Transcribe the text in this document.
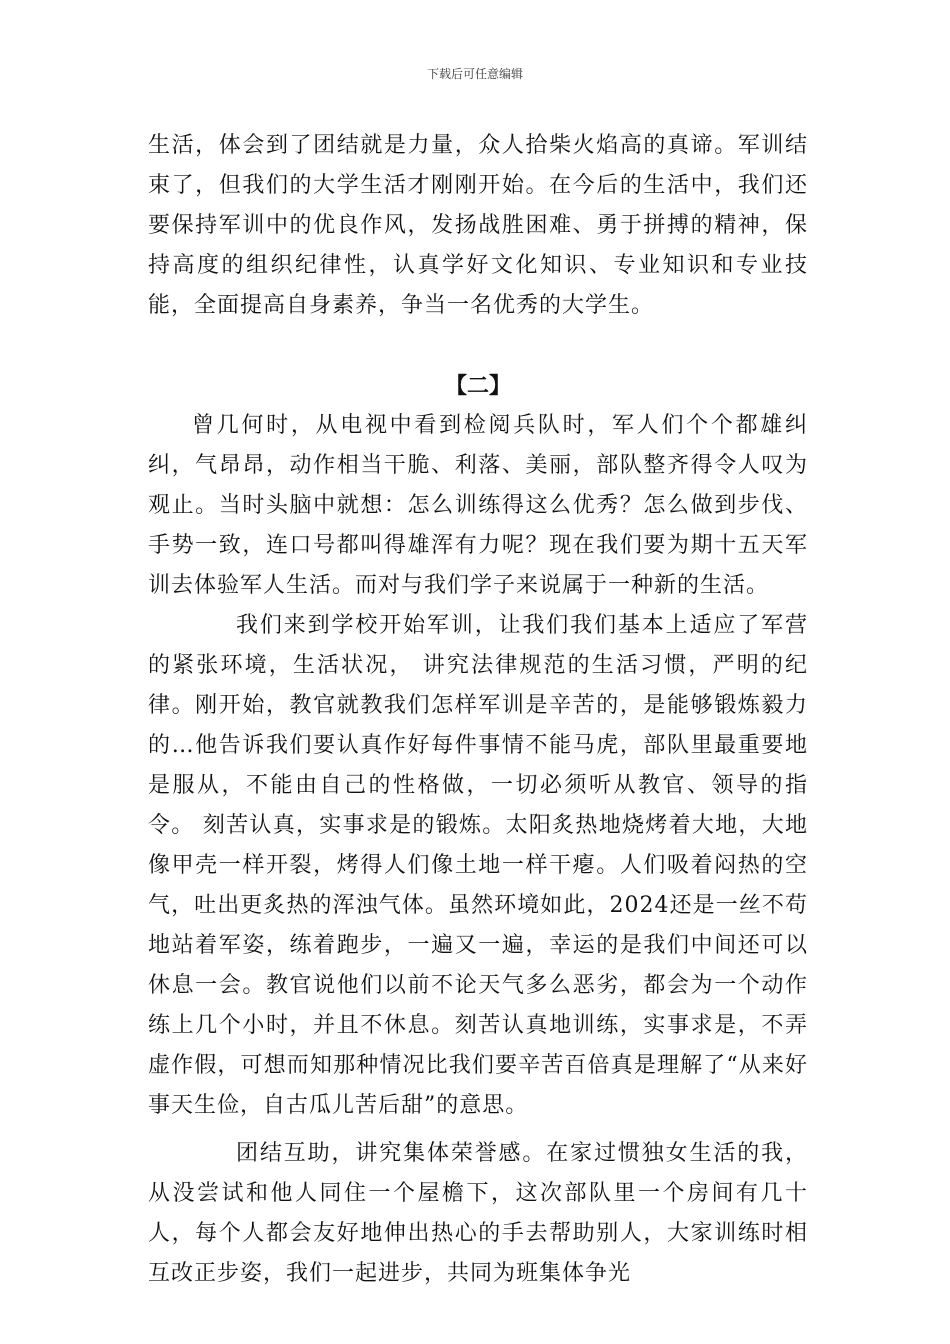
下载后可任意编辑

生活，体会到了团结就是力量，众人拾柴火焰高的真谛。军训结束了，但我们的大学生活才刚刚开始。在今后的生活中，我们还要保持军训中的优良作风，发扬战胜困难、勇于拼搏的精神，保持高度的组织纪律性，认真学好文化知识、专业知识和专业技能，全面提高自身素养，争当一名优秀的大学生。

【二】

曾几何时，从电视中看到检阅兵队时，军人们个个都雄纠纠，气昂昂，动作相当干脆、利落、美丽，部队整齐得令人叹为观止。当时头脑中就想：怎么训练得这么优秀？怎么做到步伐、手势一致，连口号都叫得雄浑有力呢？现在我们要为期十五天军训去体验军人生活。而对与我们学子来说属于一种新的生活。

我们来到学校开始军训，让我们我们基本上适应了军营的紧张环境，生活状况， 讲究法律规范的生活习惯，严明的纪律。刚开始，教官就教我们怎样军训是辛苦的，是能够锻炼毅力的…他告诉我们要认真作好每件事情不能马虎，部队里最重要地是服从，不能由自己的性格做，一切必须听从教官、领导的指令。 刻苦认真，实事求是的锻炼。太阳炙热地烧烤着大地，大地像甲壳一样开裂，烤得人们像土地一样干瘪。人们吸着闷热的空气，吐出更炙热的浑浊气体。虽然环境如此，2024还是一丝不苟地站着军姿，练着跑步，一遍又一遍，幸运的是我们中间还可以休息一会。教官说他们以前不论天气多么恶劣，都会为一个动作练上几个小时，并且不休息。刻苦认真地训练，实事求是，不弄虚作假，可想而知那种情况比我们要辛苦百倍真是理解了“从来好事天生俭，自古瓜儿苦后甜”的意思。

团结互助，讲究集体荣誉感。在家过惯独女生活的我，从没尝试和他人同住一个屋檐下，这次部队里一个房间有几十人，每个人都会友好地伸出热心的手去帮助别人，大家训练时相互改正步姿，我们一起进步，共同为班集体争光
